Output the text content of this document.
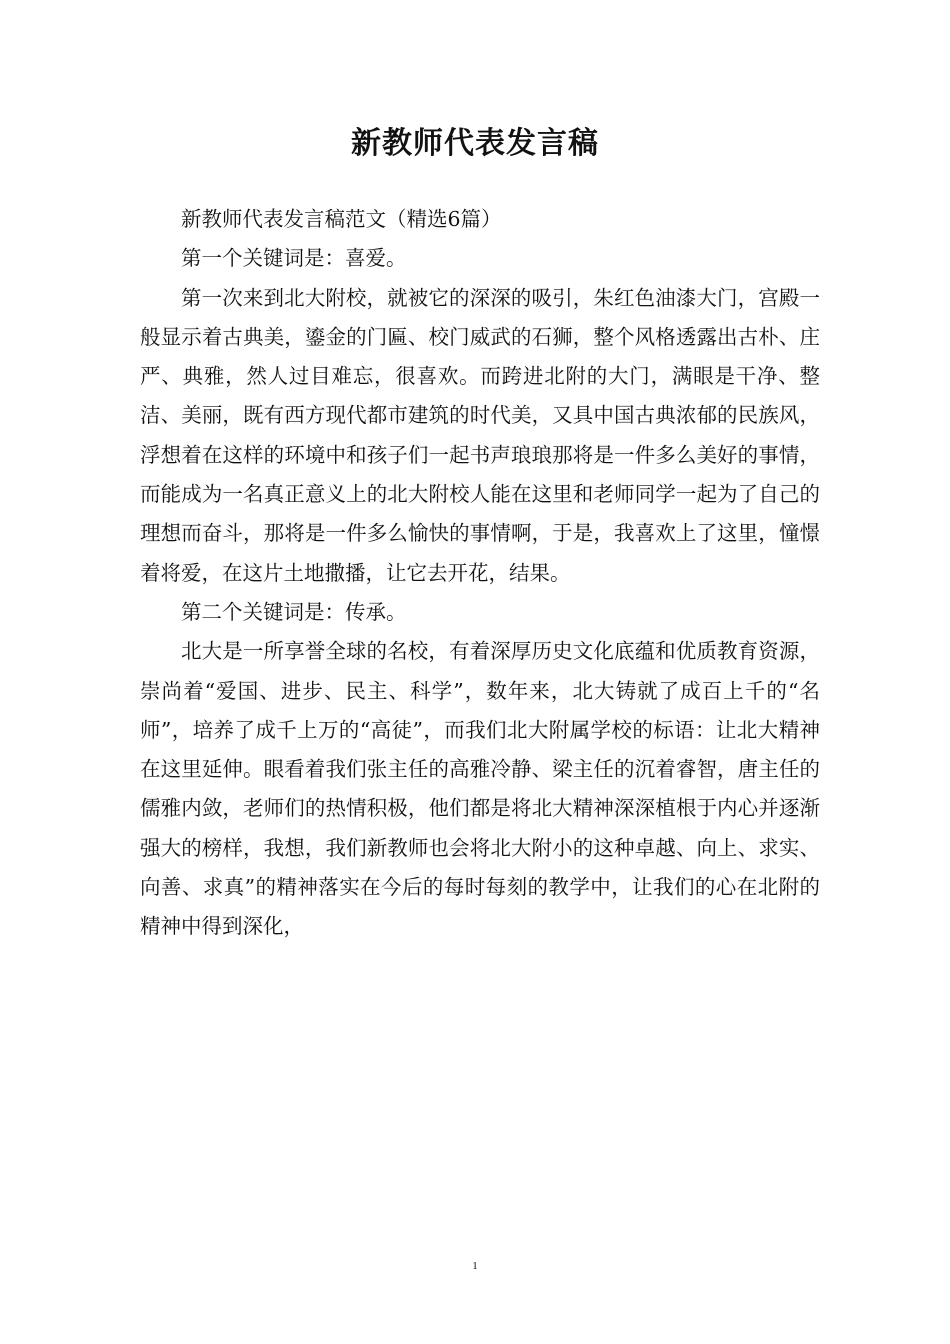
新教师代表发言稿

新教师代表发言稿范文（精选6篇）

第一个关键词是：喜爱。

第一次来到北大附校，就被它的深深的吸引，朱红色油漆大门，宫殿一般显示着古典美，鎏金的门匾、校门威武的石狮，整个风格透露出古朴、庄严、典雅，然人过目难忘，很喜欢。而跨进北附的大门，满眼是干净、整洁、美丽，既有西方现代都市建筑的时代美，又具中国古典浓郁的民族风，浮想着在这样的环境中和孩子们一起书声琅琅那将是一件多么美好的事情，而能成为一名真正意义上的北大附校人能在这里和老师同学一起为了自己的理想而奋斗，那将是一件多么愉快的事情啊，于是，我喜欢上了这里，憧憬着将爱，在这片土地撒播，让它去开花，结果。

第二个关键词是：传承。

北大是一所享誉全球的名校，有着深厚历史文化底蕴和优质教育资源，崇尚着“爱国、进步、民主、科学”，数年来，北大铸就了成百上千的“名师”，培养了成千上万的“高徒”，而我们北大附属学校的标语：让北大精神在这里延伸。眼看着我们张主任的高雅冷静、梁主任的沉着睿智，唐主任的儒雅内敛，老师们的热情积极，他们都是将北大精神深深植根于内心并逐渐强大的榜样，我想，我们新教师也会将北大附小的这种卓越、向上、求实、向善、求真”的精神落实在今后的每时每刻的教学中，让我们的心在北附的精神中得到深化，

1
